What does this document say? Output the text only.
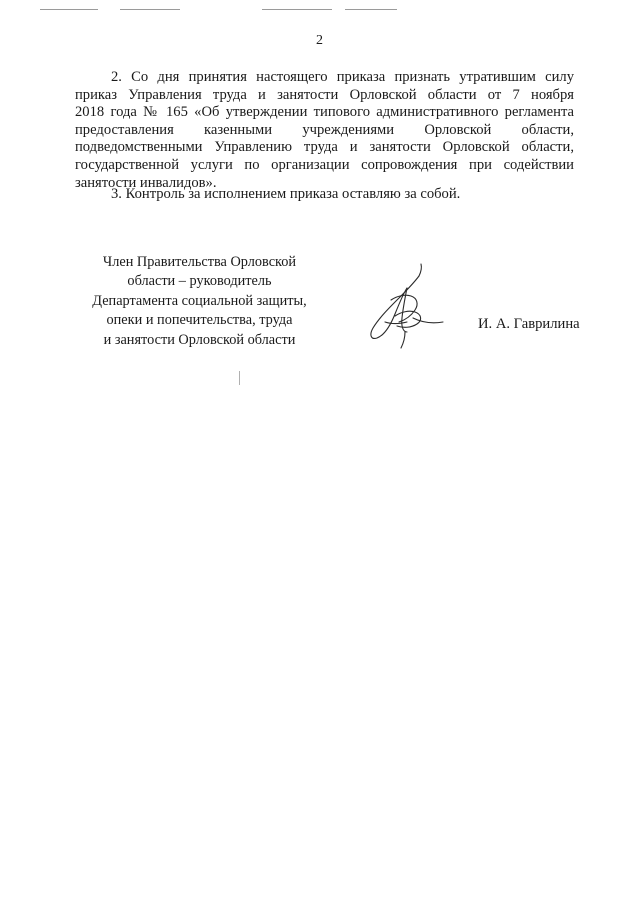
2
2. Со дня принятия настоящего приказа признать утратившим силу
приказ Управления труда и занятости Орловской области от 7 ноября
2018 года № 165 «Об утверждении типового административного регламента
предоставления казенными учреждениями Орловской области,
подведомственными Управлению труда и занятости Орловской области,
государственной услуги по организации сопровождения при содействии
занятости инвалидов».
3. Контроль за исполнением приказа оставляю за собой.
Член Правительства Орловской
области – руководитель
Департамента социальной защиты,
опеки и попечительства, труда
и занятости Орловской области
И. А. Гаврилина
